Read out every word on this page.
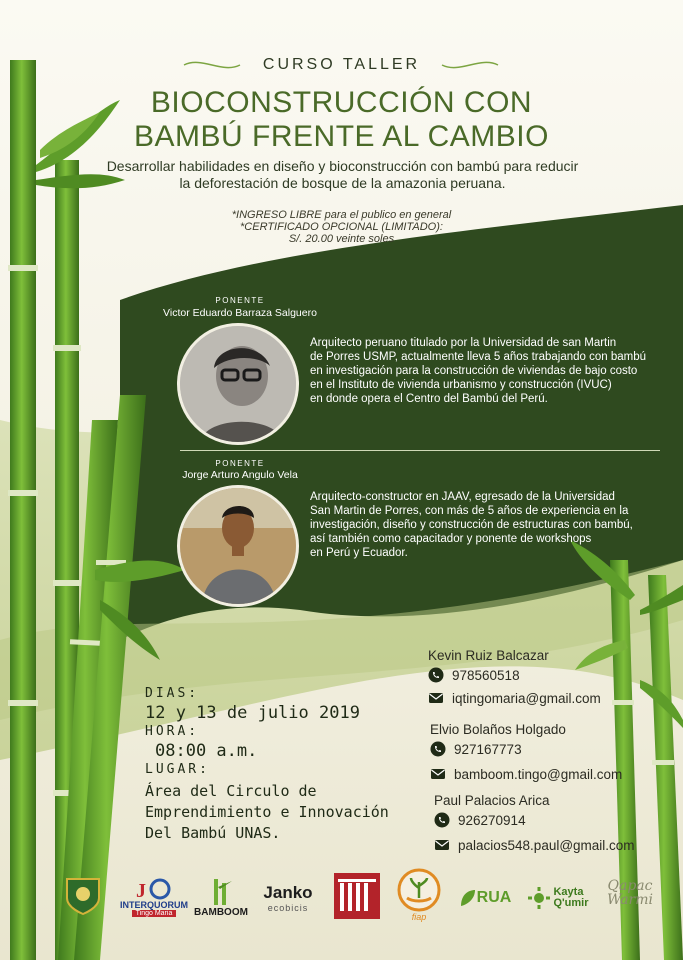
CURSO TALLER
BIOCONSTRUCCIÓN CON
BAMBÚ FRENTE AL CAMBIO
Desarrollar habilidades en diseño y bioconstrucción con bambú para reducir
la deforestación de bosque de la amazonia peruana.
*INGRESO LIBRE para el publico en general
*CERTIFICADO OPCIONAL (LIMITADO):
S/. 20.00 veinte soles
PONENTE
Victor Eduardo Barraza Salguero
Arquitecto peruano titulado por la Universidad de san Martin
de Porres USMP, actualmente lleva 5 años trabajando con bambú
en investigación para la construcción de viviendas de bajo costo
en el Instituto de vivienda urbanismo y construcción (IVUC)
en donde opera el Centro del Bambú del Perú.
PONENTE
Jorge Arturo Angulo Vela
Arquitecto-constructor en JAAV, egresado de la Universidad
San Martin de Porres, con más de 5 años de experiencia en la
investigación, diseño y construcción de estructuras con bambú,
así también como capacitador y ponente de workshops
en Perú y Ecuador.
DIAS:
12 y 13 de julio 2019
HORA:
08:00 a.m.
LUGAR:
Área del Circulo de
Emprendimiento e Innovación
Del Bambú UNAS.
Kevin Ruiz Balcazar
978560518
iqtingomaria@gmail.com
Elvio Bolaños Holgado
927167773
bamboom.tingo@gmail.com
Paul Palacios Arica
926270914
palacios548.paul@gmail.com
J
INTERQUORUM
Tingo Maria	BAMBOOM
Janko
ecobicis
fiap
RUA	Kayta
Q'umir
Qapac
Warmi
